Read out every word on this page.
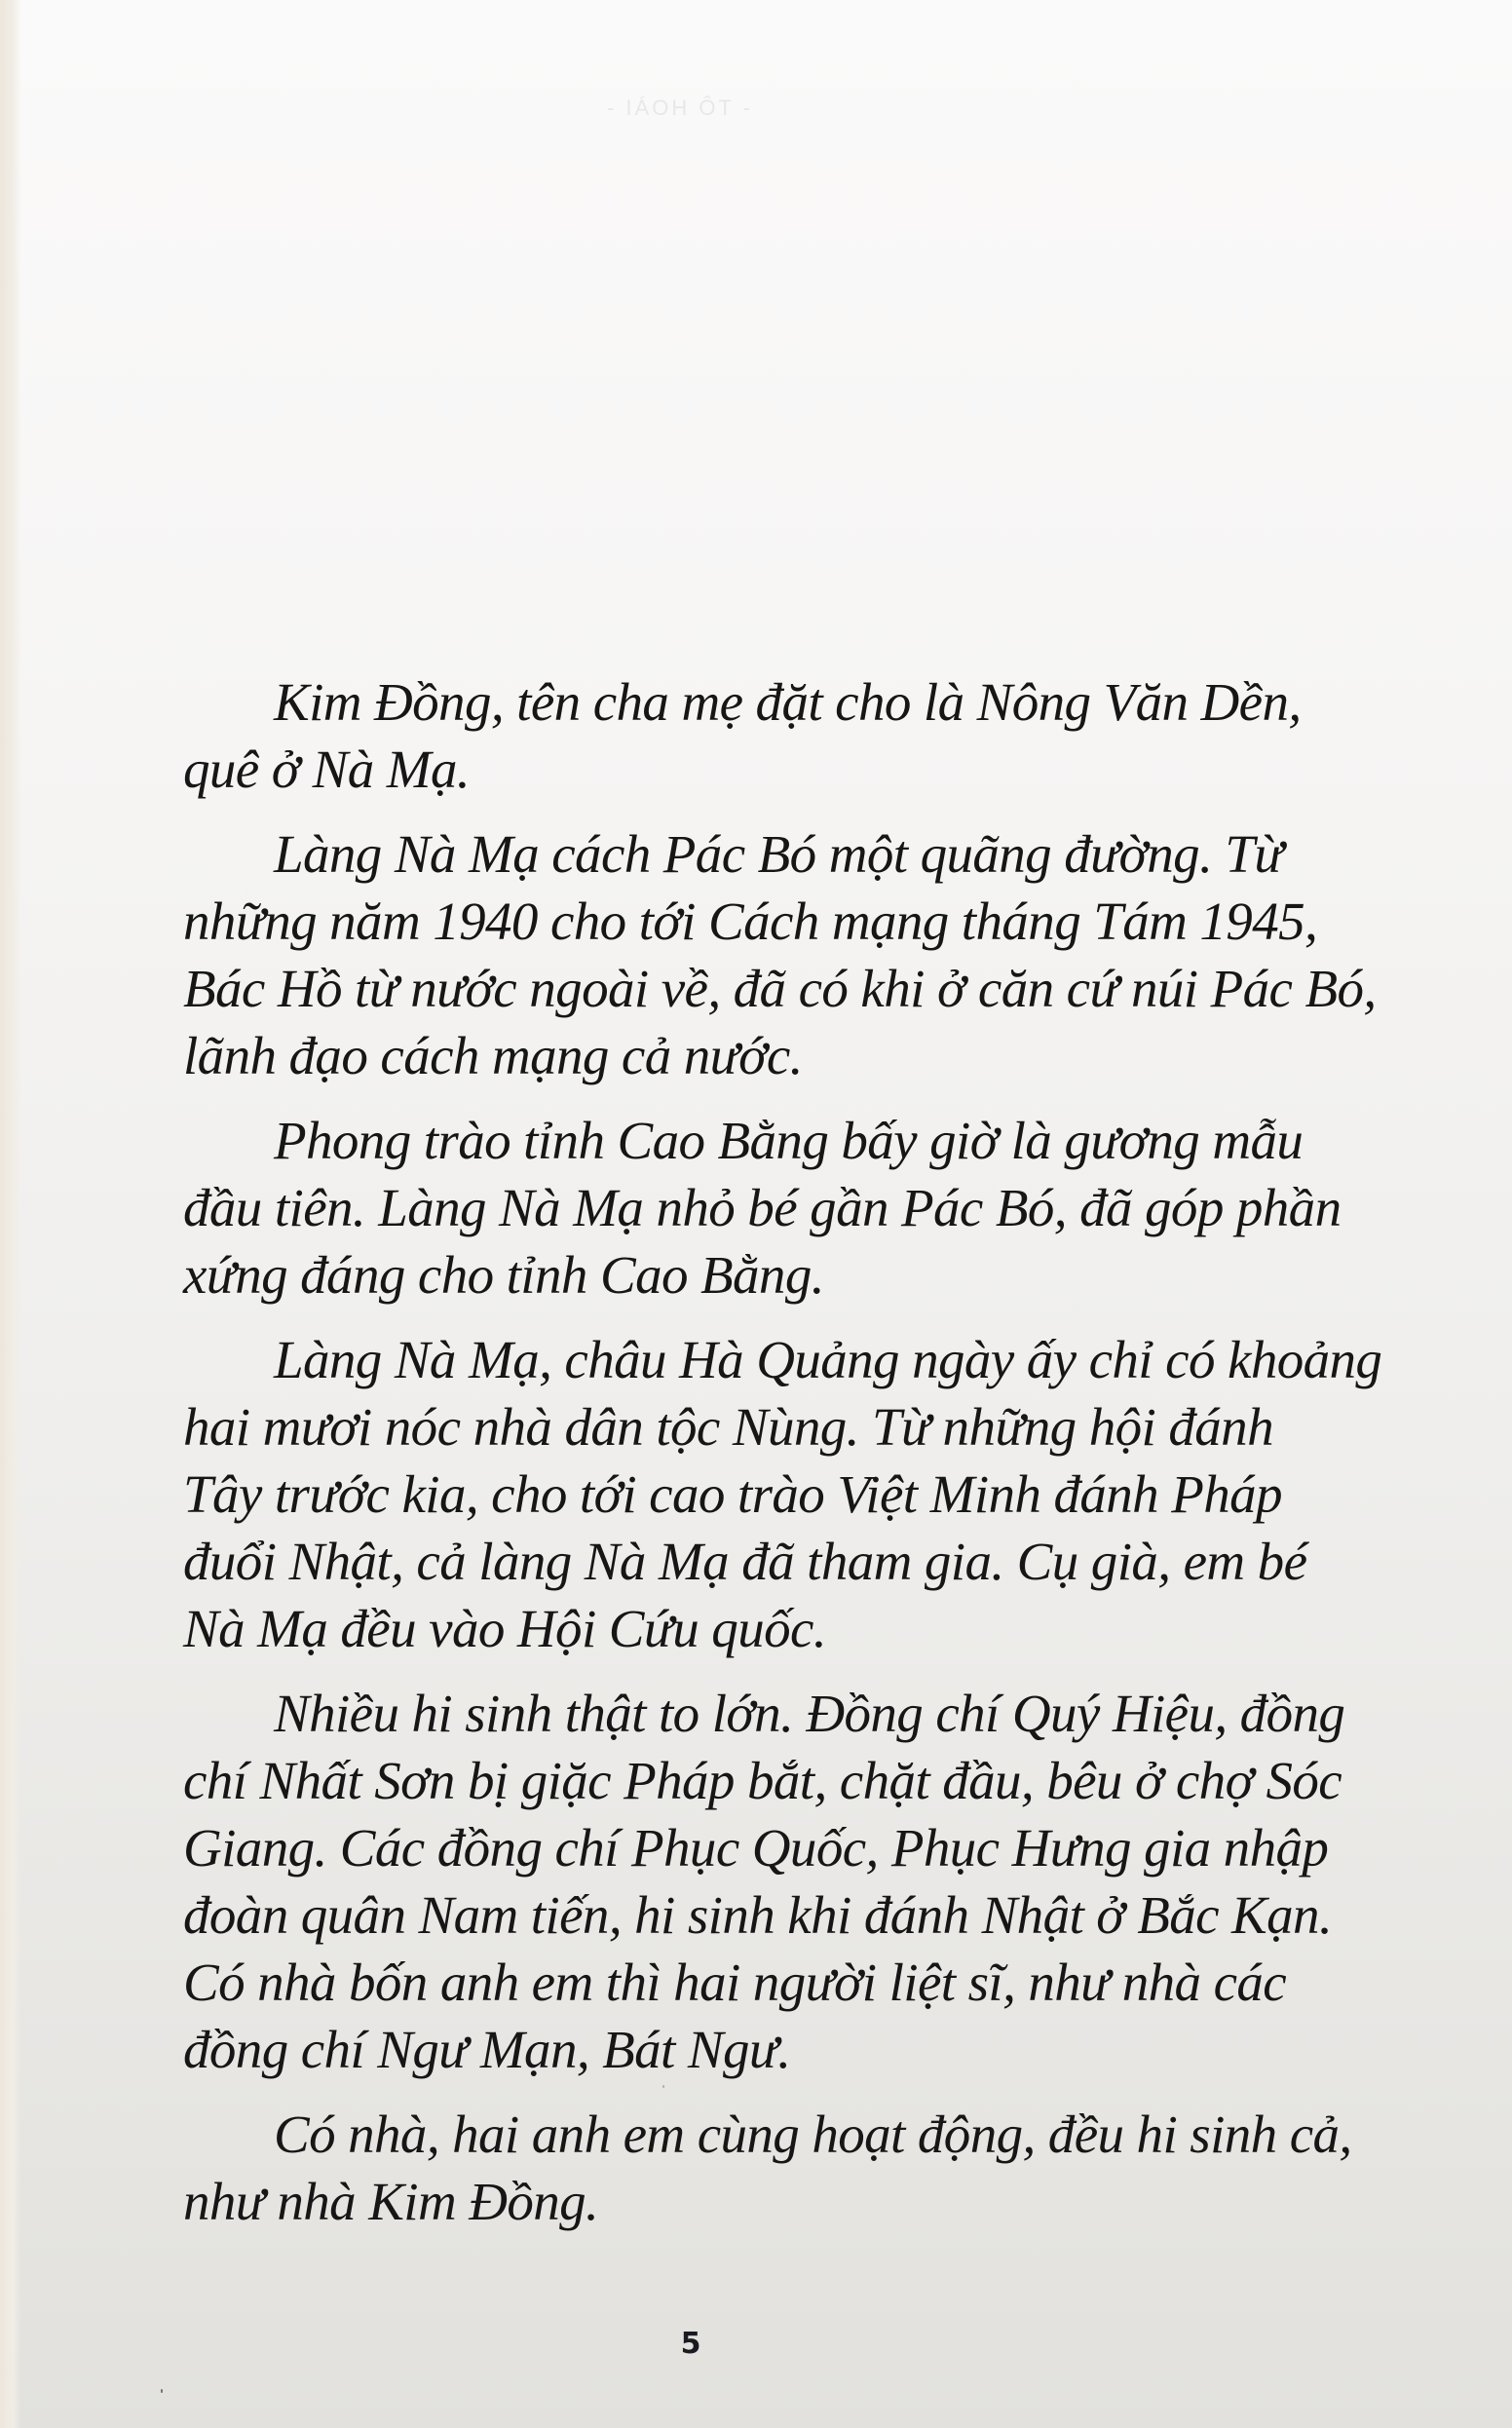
- TÔ HOÀI -

Kim Đồng, tên cha mẹ đặt cho là Nông Văn Dền,
quê ở Nà Mạ.

Làng Nà Mạ cách Pác Bó một quãng đường. Từ
những năm 1940 cho tới Cách mạng tháng Tám 1945,
Bác Hồ từ nước ngoài về, đã có khi ở căn cứ núi Pác Bó,
lãnh đạo cách mạng cả nước.

Phong trào tỉnh Cao Bằng bấy giờ là gương mẫu
đầu tiên. Làng Nà Mạ nhỏ bé gần Pác Bó, đã góp phần
xứng đáng cho tỉnh Cao Bằng.

Làng Nà Mạ, châu Hà Quảng ngày ấy chỉ có khoảng
hai mươi nóc nhà dân tộc Nùng. Từ những hội đánh
Tây trước kia, cho tới cao trào Việt Minh đánh Pháp
đuổi Nhật, cả làng Nà Mạ đã tham gia. Cụ già, em bé
Nà Mạ đều vào Hội Cứu quốc.

Nhiều hi sinh thật to lớn. Đồng chí Quý Hiệu, đồng
chí Nhất Sơn bị giặc Pháp bắt, chặt đầu, bêu ở chợ Sóc
Giang. Các đồng chí Phục Quốc, Phục Hưng gia nhập
đoàn quân Nam tiến, hi sinh khi đánh Nhật ở Bắc Kạn.
Có nhà bốn anh em thì hai người liệt sĩ, như nhà các
đồng chí Ngư Mạn, Bát Ngư.

Có nhà, hai anh em cùng hoạt động, đều hi sinh cả,
như nhà Kim Đồng.

5
